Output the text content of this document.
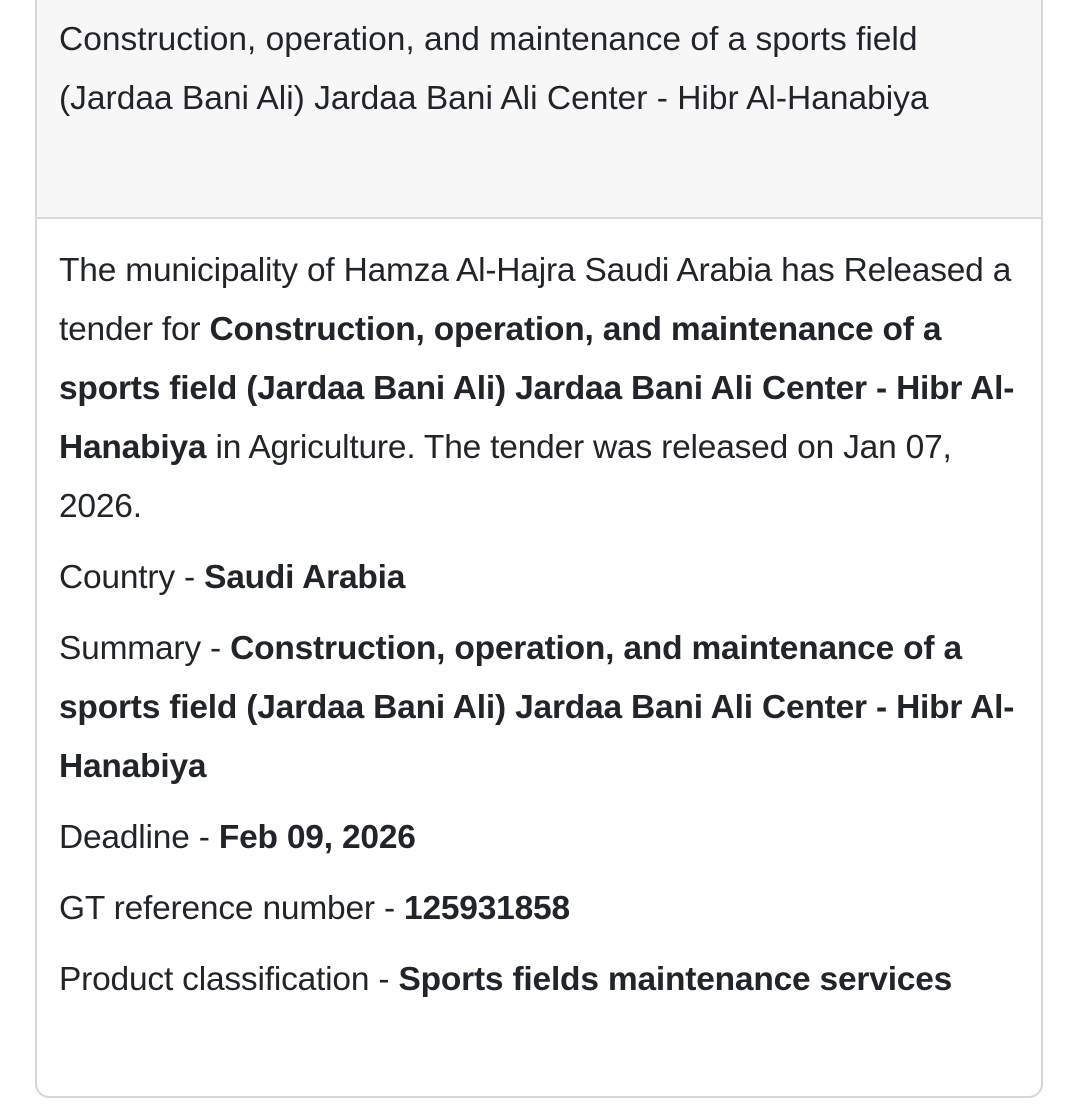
Construction, operation, and maintenance of a sports field (Jardaa Bani Ali) Jardaa Bani Ali Center - Hibr Al-Hanabiya

The municipality of Hamza Al-Hajra Saudi Arabia has Released a tender for Construction, operation, and maintenance of a sports field (Jardaa Bani Ali) Jardaa Bani Ali Center - Hibr Al-Hanabiya in Agriculture. The tender was released on Jan 07, 2026.

Country - Saudi Arabia

Summary - Construction, operation, and maintenance of a sports field (Jardaa Bani Ali) Jardaa Bani Ali Center - Hibr Al-Hanabiya

Deadline - Feb 09, 2026

GT reference number - 125931858

Product classification - Sports fields maintenance services
